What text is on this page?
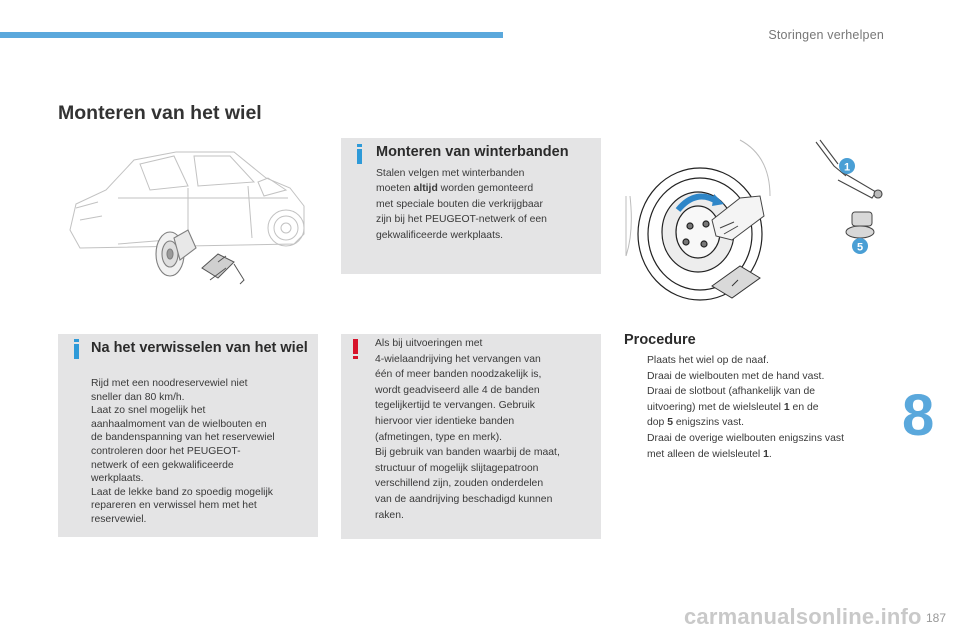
Storingen verhelpen
Monteren van het wiel
Monteren van winterbanden
Stalen velgen met winterbanden
moeten altijd worden gemonteerd
met speciale bouten die verkrijgbaar
zijn bij het PEUGEOT-netwerk of een
gekwalificeerde werkplaats.
1
5
Na het verwisselen van het wiel
Rijd met een noodreservewiel niet
sneller dan 80 km/h.
Laat zo snel mogelijk het
aanhaalmoment van de wielbouten en
de bandenspanning van het reservewiel
controleren door het PEUGEOT-
netwerk of een gekwalificeerde
werkplaats.
Laat de lekke band zo spoedig mogelijk
repareren en verwissel hem met het
reservewiel.
Als bij uitvoeringen met
4-wielaandrijving het vervangen van
één of meer banden noodzakelijk is,
wordt geadviseerd alle 4 de banden
tegelijkertijd te vervangen. Gebruik
hiervoor vier identieke banden
(afmetingen, type en merk).
Bij gebruik van banden waarbij de maat,
structuur of mogelijk slijtagepatroon
verschillend zijn, zouden onderdelen
van de aandrijving beschadigd kunnen
raken.
Procedure
Plaats het wiel op de naaf.
Draai de wielbouten met de hand vast.
Draai de slotbout (afhankelijk van de
uitvoering) met de wielsleutel 1 en de
dop 5 enigszins vast.
Draai de overige wielbouten enigszins vast
met alleen de wielsleutel 1.
8
carmanualsonline.info 187
